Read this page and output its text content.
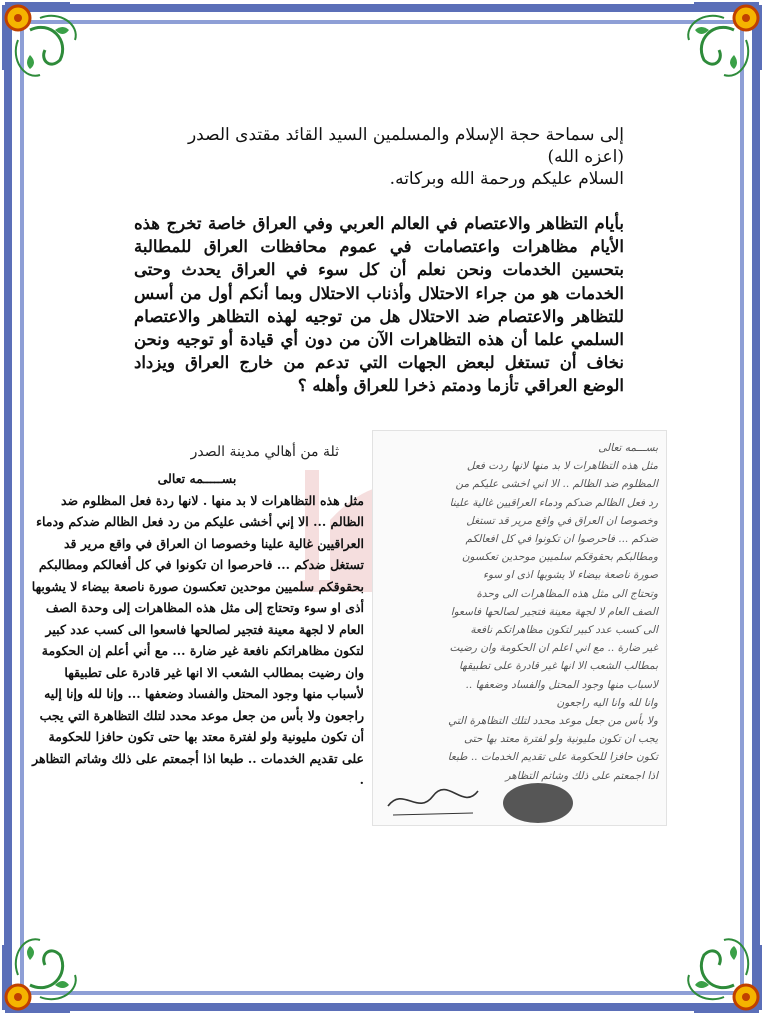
إلى سماحة حجة الإسلام والمسلمين السيد القائد مقتدى الصدر
(اعزه الله)
السلام عليكم ورحمة الله وبركاته.
بأيام التظاهر والاعتصام في العالم العربي وفي العراق خاصة تخرج هذه الأيام مظاهرات واعتصامات في عموم محافظات العراق للمطالبة بتحسين الخدمات ونحن نعلم أن كل سوء في العراق يحدث وحتى الخدمات هو من جراء الاحتلال وأذناب الاحتلال وبما أنكم أول من أسس للتظاهر والاعتصام ضد الاحتلال هل من توجيه لهذه التظاهر والاعتصام السلمي علما أن هذه التظاهرات الآن من دون أي قيادة أو توجيه ونحن نخاف أن تستغل لبعض الجهات التي تدعم من خارج العراق ويزداد الوضع العراقي تأزما ودمتم ذخرا للعراق وأهله ؟
ثلة من أهالي مدينة الصدر	بســـمه تعالى
مثل هذه التظاهرات لا بد منها لانها ردت فعل
المظلوم ضد الظالم .. الا اني اخشى عليكم من
رد فعل الظالم ضدكم ودماء العراقيين غالية علينا
وخصوصا ان العراق في واقع مرير قد تستغل
ضدكم ... فاحرصوا ان تكونوا في كل افعالكم
ومطالبكم بحقوقكم سلميين موحدين تعكسون
صورة ناصعة بيضاء لا يشوبها اذى او سوء
وتحتاج الى مثل هذه المظاهرات الى وحدة
الصف العام لا لجهة معينة فتجير لصالحها فاسعوا
الى كسب عدد كبير لتكون مظاهراتكم نافعة
غير ضارة .. مع اني اعلم ان الحكومة وان رضيت
بمطالب الشعب الا انها غير قادرة على تطبيقها
لاسباب منها وجود المحتل والفساد وضعفها ..
وانا لله وانا اليه راجعون
ولا بأس من جعل موعد محدد لتلك التظاهرة التي
يجب ان تكون مليونية ولو لفترة معتد بها حتى
تكون حافزا للحكومة على تقديم الخدمات .. طبعا
اذا اجمعتم على ذلك وشاتم التظاهر
بســـــمه تعالى
مثل هذه التظاهرات لا بد منها . لانها ردة فعل المظلوم ضد الظالم ... الا إني أخشى عليكم من رد فعل الظالم ضدكم ودماء العراقيين غالية علينا وخصوصا ان العراق في واقع مرير قد تستغل ضدكم ... فاحرصوا ان تكونوا في كل أفعالكم ومطالبكم بحقوقكم سلميين موحدين تعكسون صورة ناصعة بيضاء لا يشوبها أذى او سوء وتحتاج إلى مثل هذه المظاهرات إلى وحدة الصف العام لا لجهة معينة فتجير لصالحها فاسعوا الى كسب عدد كبير لتكون مظاهراتكم نافعة غير ضارة ... مع أني أعلم إن الحكومة وان رضيت بمطالب الشعب الا انها غير قادرة على تطبيقها لأسباب منها وجود المحتل والفساد وضعفها ... وإنا لله وإنا إليه راجعون ولا بأس من جعل موعد محدد لتلك التظاهرة التي يجب أن تكون مليونية ولو لفترة معتد بها حتى تكون حافزا للحكومة على تقديم الخدمات .. طبعا اذا أجمعتم على ذلك وشاتم التظاهر .
